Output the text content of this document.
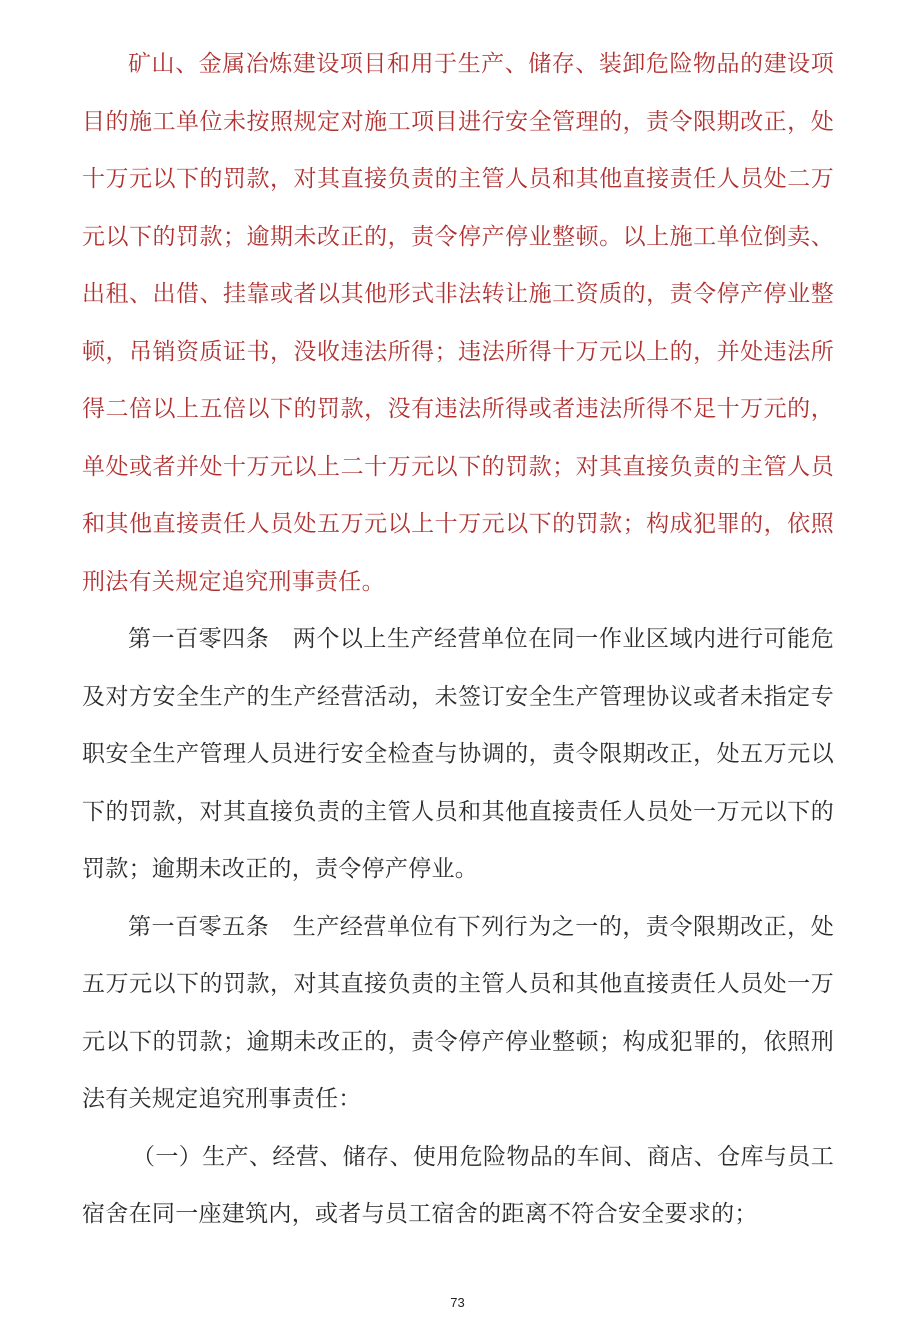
矿山、金属冶炼建设项目和用于生产、储存、装卸危险物品的建设项目的施工单位未按照规定对施工项目进行安全管理的，责令限期改正，处十万元以下的罚款，对其直接负责的主管人员和其他直接责任人员处二万元以下的罚款；逾期未改正的，责令停产停业整顿。以上施工单位倒卖、出租、出借、挂靠或者以其他形式非法转让施工资质的，责令停产停业整顿，吊销资质证书，没收违法所得；违法所得十万元以上的，并处违法所得二倍以上五倍以下的罚款，没有违法所得或者违法所得不足十万元的，单处或者并处十万元以上二十万元以下的罚款；对其直接负责的主管人员和其他直接责任人员处五万元以上十万元以下的罚款；构成犯罪的，依照刑法有关规定追究刑事责任。

第一百零四条　两个以上生产经营单位在同一作业区域内进行可能危及对方安全生产的生产经营活动，未签订安全生产管理协议或者未指定专职安全生产管理人员进行安全检查与协调的，责令限期改正，处五万元以下的罚款，对其直接负责的主管人员和其他直接责任人员处一万元以下的罚款；逾期未改正的，责令停产停业。

第一百零五条　生产经营单位有下列行为之一的，责令限期改正，处五万元以下的罚款，对其直接负责的主管人员和其他直接责任人员处一万元以下的罚款；逾期未改正的，责令停产停业整顿；构成犯罪的，依照刑法有关规定追究刑事责任：

（一）生产、经营、储存、使用危险物品的车间、商店、仓库与员工宿舍在同一座建筑内，或者与员工宿舍的距离不符合安全要求的；

73
